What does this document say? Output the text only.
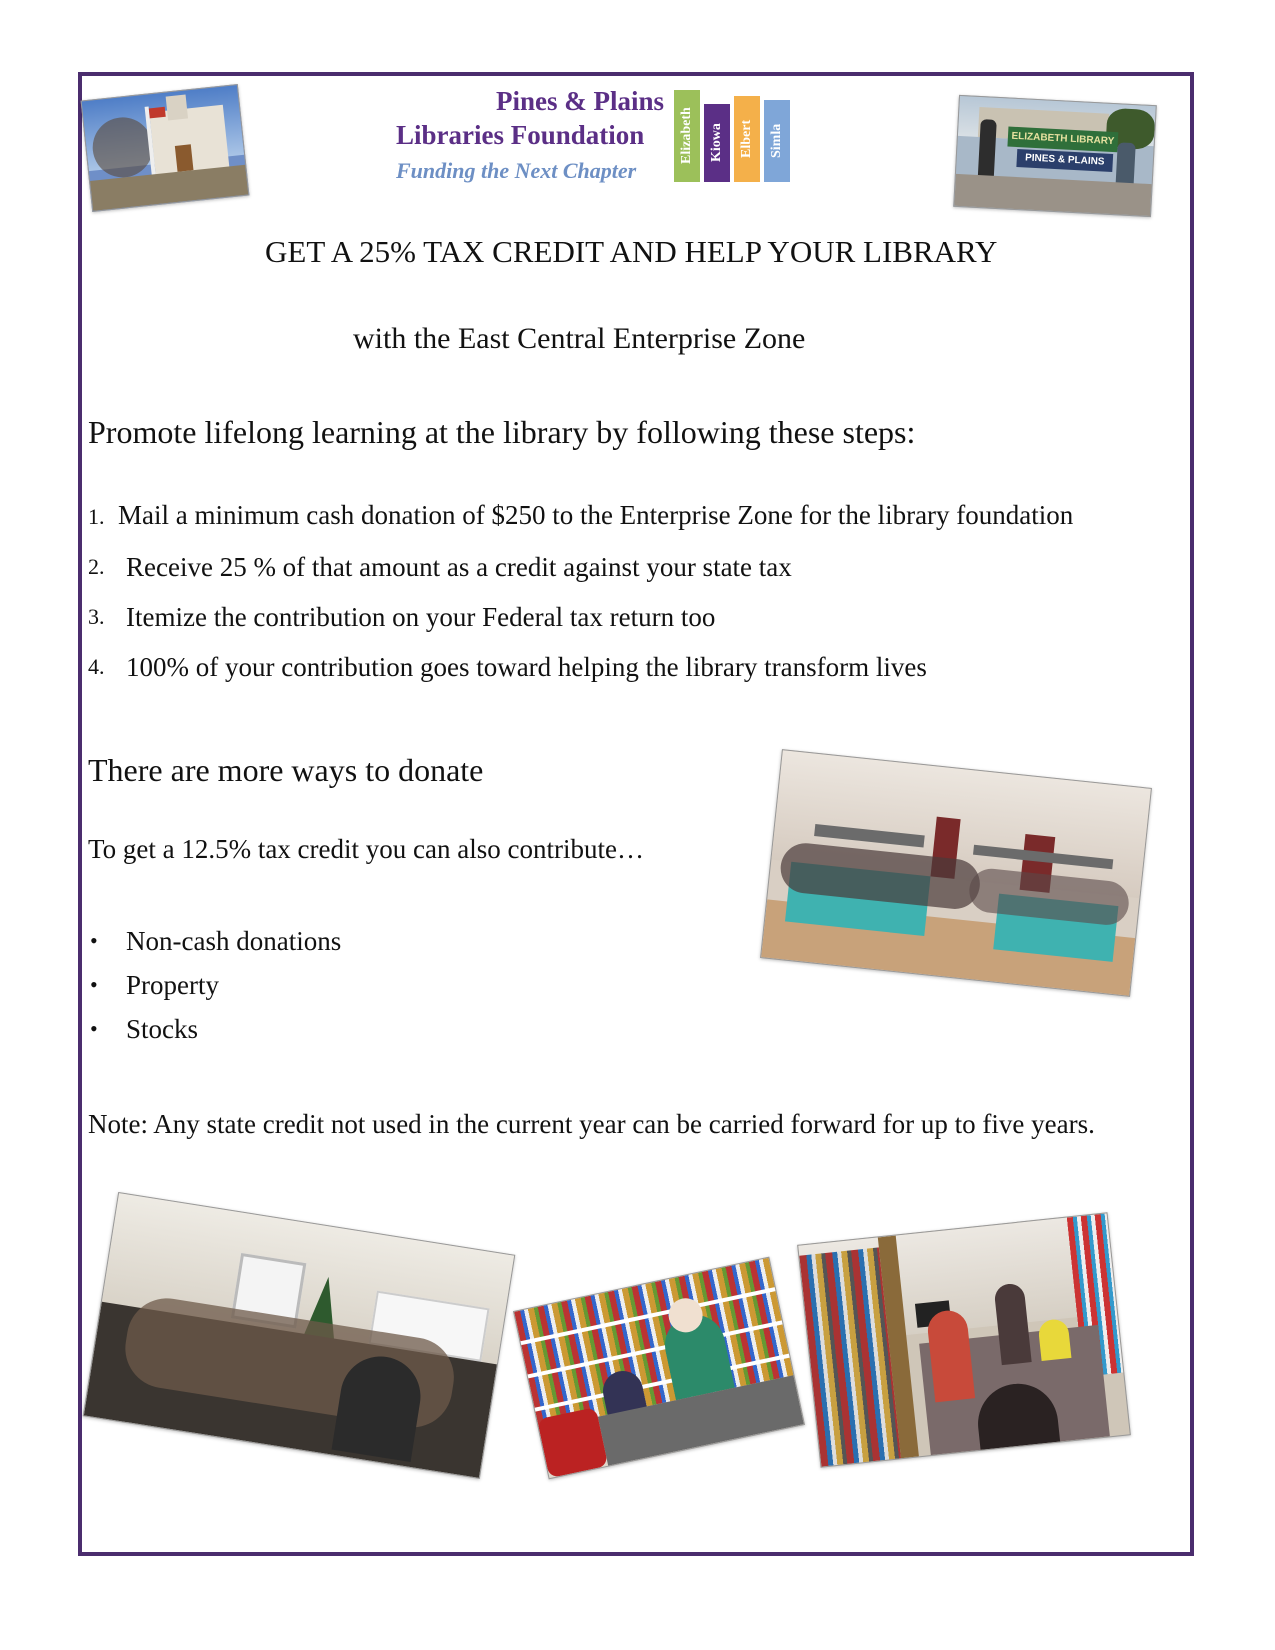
Pines & Plains
Libraries Foundation
Funding the Next Chapter
Elizabeth	Kiowa	Elbert	Simla	ELIZABETH LIBRARY
PINES & PLAINS
GET A 25% TAX CREDIT AND HELP YOUR LIBRARY
with the East Central Enterprise Zone
Promote lifelong learning at the library by following these steps:
1. Mail a minimum cash donation of $250 to the Enterprise Zone for the library foundation
2. Receive 25 % of that amount as a credit against your state tax
3. Itemize the contribution on your Federal tax return too
4. 100% of your contribution goes toward helping the library transform lives
There are more ways to donate
To get a 12.5% tax credit you can also contribute…
• Non-cash donations
• Property
• Stocks
Note: Any state credit not used in the current year can be carried forward for up to five years.
